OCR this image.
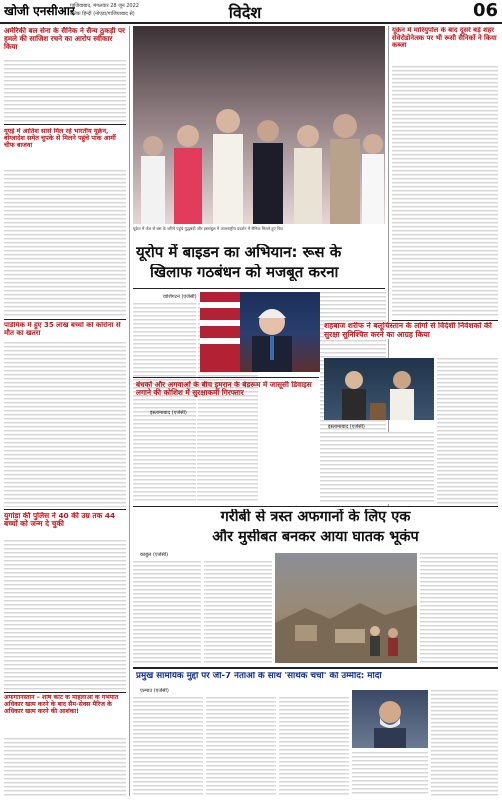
खोजी एनसीआर
गाजियाबाद, मंगलवार 28 जून 2022
दैनिक हिन्दी (नोएडा/गाजियाबाद से)	विदेश	06
अमेरिकी बल सेना के सैनिक ने सैन्य ठुकड़ी पर हमले की साजिश रचने का आरोप स्वीकार किया
यूएई में आतिश सार्से मिल रहे भारतीय यूक्रेन, बांग्लादेश समेत चुपके से मिलने पहुंचे पाक आर्मी चीफ बाजवा
पांडेमिक में हुए 35 लाख बच्चों को कोरोना से मौत का खतरा
युगांडा की पुलिस ने 40 की उम्र तक 44 बच्चों को जन्म दे चुकी
अफगानिस्तान – शीर्ष कोर्ट के महिलाओं के गर्भपात अधिकार खत्म करने के बाद सैम-सेक्स मैरिज के अधिकार खत्म करने की आशंका!
यूक्रेन में जेल से बस के जरिये पहुंचे युद्धबंदी और इस्तांबुल में अंतरराष्ट्रीय प्रदर्शन में सैनिक मिलते हुए चित्र
यूक्रेन में मारियुपोल के बाद दूसरे बड़े शहर सेवेरोडोनेत्स्क पर भी रूसी सैनिकों ने किया कब्जा
यूरोप में बाइडन का अभियान: रूस के
खिलाफ गठबंधन को मजबूत करना
वाशिंगटन (एजेंसी)
बंधकों और अगवाओं के बीच इमरान के बेडरूम में जासूसी डिवाइस लगाने की कोशिश में सुरक्षाकर्मी गिरफ्तार
इस्लामाबाद (एजेंसी)
शहबाज शरीफ ने बलूचिस्तान के लोगों से विदेशी निवेशकों की सुरक्षा सुनिश्चित करने का आग्रह किया
इस्लामाबाद (एजेंसी)
गरीबी से त्रस्त अफगानों के लिए एक
और मुसीबत बनकर आया घातक भूकंप
काबुल (एजेंसी)
प्रमुख सामयिक मुद्दों पर जी-7 नेताओं के साथ 'सार्थक चर्चा' की उम्मीद: मोदी
एल्माउ (एजेंसी)
